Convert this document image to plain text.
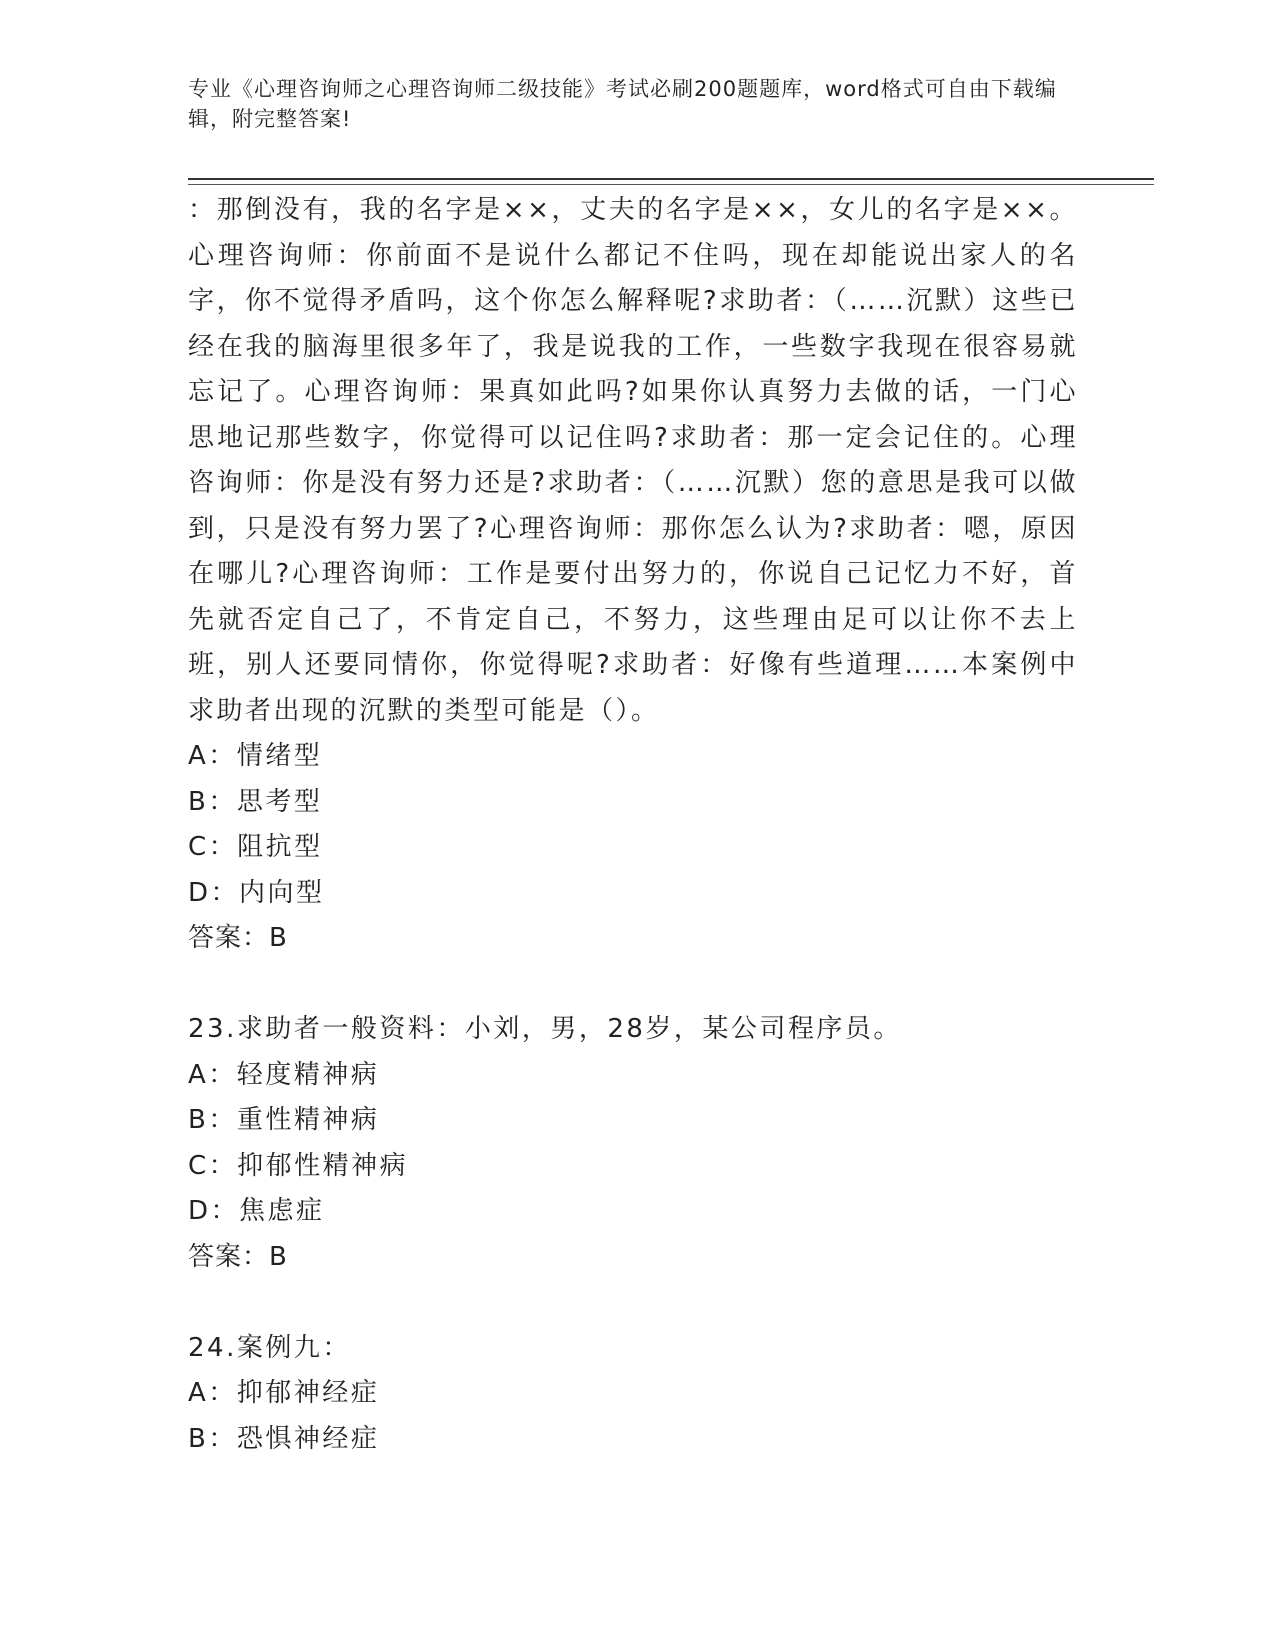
专业《心理咨询师之心理咨询师二级技能》考试必刷200题题库，word格式可自由下载编辑，附完整答案!

：那倒没有，我的名字是××，丈夫的名字是××，女儿的名字是××。心理咨询师：你前面不是说什么都记不住吗，现在却能说出家人的名字，你不觉得矛盾吗，这个你怎么解释呢?求助者：（……沉默）这些已经在我的脑海里很多年了，我是说我的工作，一些数字我现在很容易就忘记了。心理咨询师：果真如此吗?如果你认真努力去做的话，一门心思地记那些数字，你觉得可以记住吗?求助者：那一定会记住的。心理咨询师：你是没有努力还是?求助者：（……沉默）您的意思是我可以做到，只是没有努力罢了?心理咨询师：那你怎么认为?求助者：嗯，原因在哪儿?心理咨询师：工作是要付出努力的，你说自己记忆力不好，首先就否定自己了，不肯定自己，不努力，这些理由足可以让你不去上班，别人还要同情你，你觉得呢?求助者：好像有些道理……本案例中求助者出现的沉默的类型可能是（）。

A：情绪型

B：思考型

C：阻抗型

D：内向型

答案：B

23.求助者一般资料：小刘，男，28岁，某公司程序员。

A：轻度精神病

B：重性精神病

C：抑郁性精神病

D：焦虑症

答案：B

24.案例九：

A：抑郁神经症

B：恐惧神经症
